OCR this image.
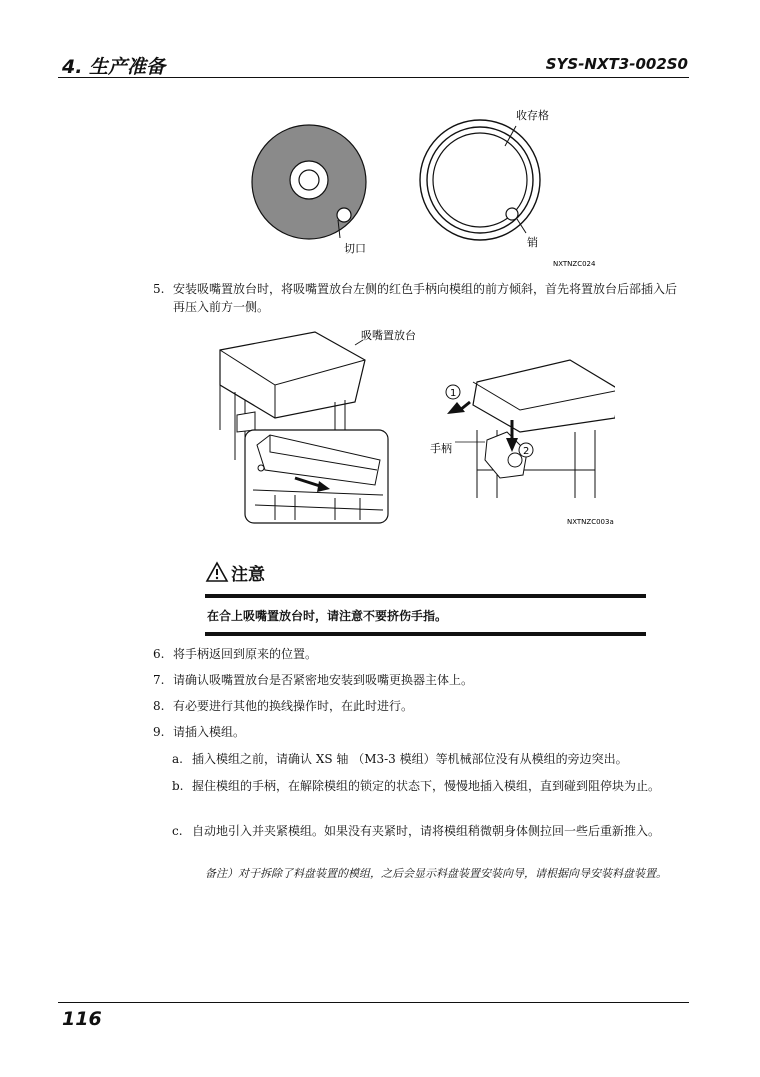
4. 生产准备	SYS-NXT3-002S0
切口
收存格
销
NXTNZC024
5. 安装吸嘴置放台时，将吸嘴置放台左侧的红色手柄向模组的前方倾斜，首先将置放台后部插入后再压入前方一侧。
吸嘴置放台
1
2
手柄
NXTNZC003a
注意
在合上吸嘴置放台时，请注意不要挤伤手指。
6. 将手柄返回到原来的位置。
7. 请确认吸嘴置放台是否紧密地安装到吸嘴更换器主体上。
8. 有必要进行其他的换线操作时，在此时进行。
9. 请插入模组。
a. 插入模组之前，请确认 XS 轴 （M3-3 模组）等机械部位没有从模组的旁边突出。
b. 握住模组的手柄，在解除模组的锁定的状态下，慢慢地插入模组，直到碰到阻停块为止。
c. 自动地引入并夹紧模组。如果没有夹紧时，请将模组稍微朝身体侧拉回一些后重新推入。
备注）对于拆除了料盘装置的模组，之后会显示料盘装置安装向导，请根据向导安装料盘装置。
116
